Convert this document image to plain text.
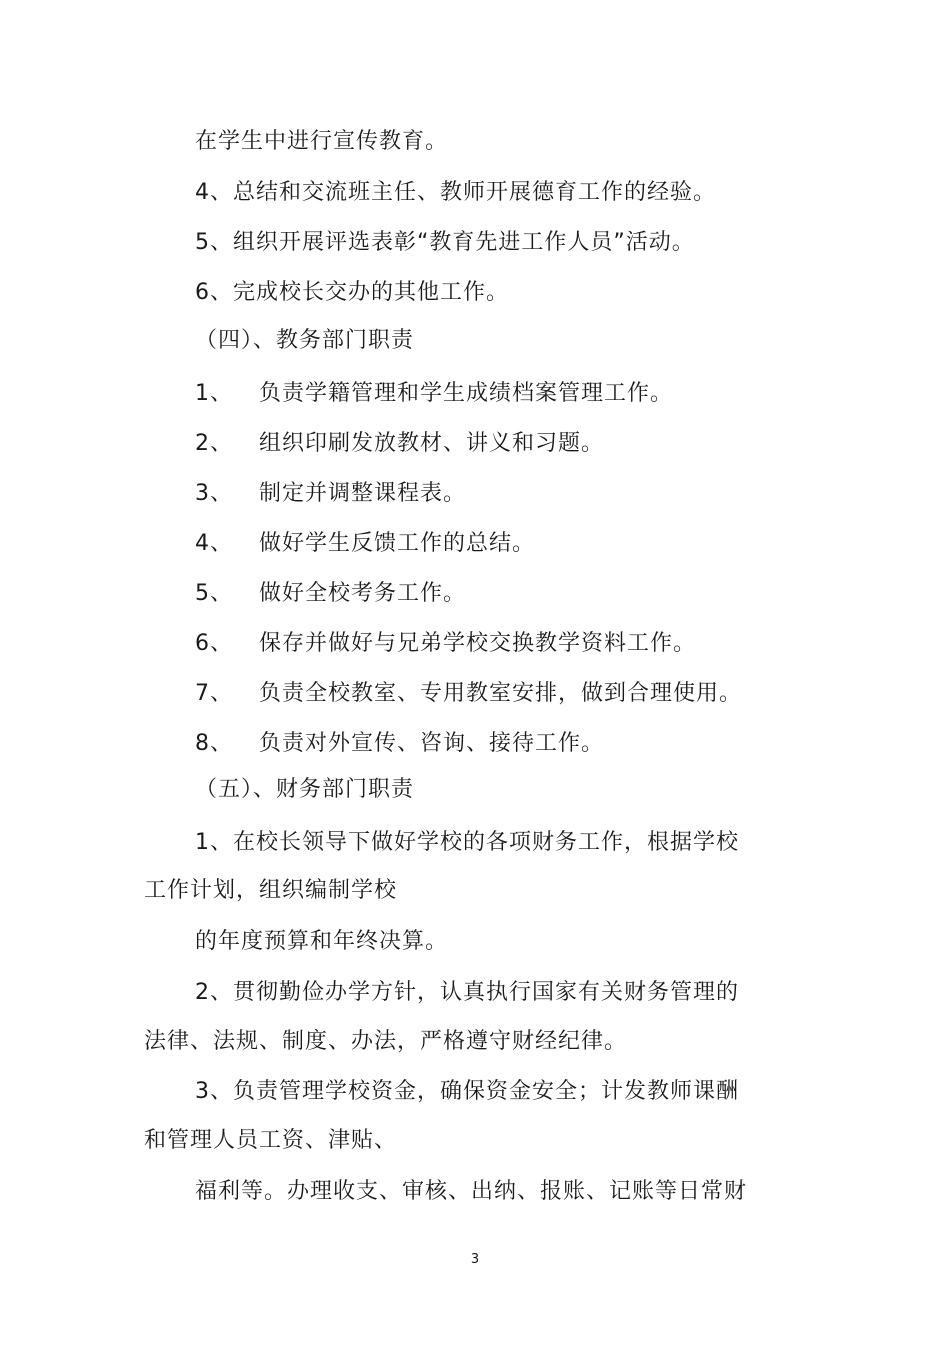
在学生中进行宣传教育。
4、总结和交流班主任、教师开展德育工作的经验。
5、组织开展评选表彰“教育先进工作人员”活动。
6、完成校长交办的其他工作。
（四）、教务部门职责
1、 负责学籍管理和学生成绩档案管理工作。
2、 组织印刷发放教材、讲义和习题。
3、 制定并调整课程表。
4、 做好学生反馈工作的总结。
5、 做好全校考务工作。
6、 保存并做好与兄弟学校交换教学资料工作。
7、 负责全校教室、专用教室安排，做到合理使用。
8、 负责对外宣传、咨询、接待工作。
（五）、财务部门职责
1、在校长领导下做好学校的各项财务工作，根据学校
工作计划，组织编制学校
的年度预算和年终决算。
2、贯彻勤俭办学方针，认真执行国家有关财务管理的
法律、法规、制度、办法，严格遵守财经纪律。
3、负责管理学校资金，确保资金安全；计发教师课酬
和管理人员工资、津贴、
福利等。办理收支、审核、出纳、报账、记账等日常财
3
